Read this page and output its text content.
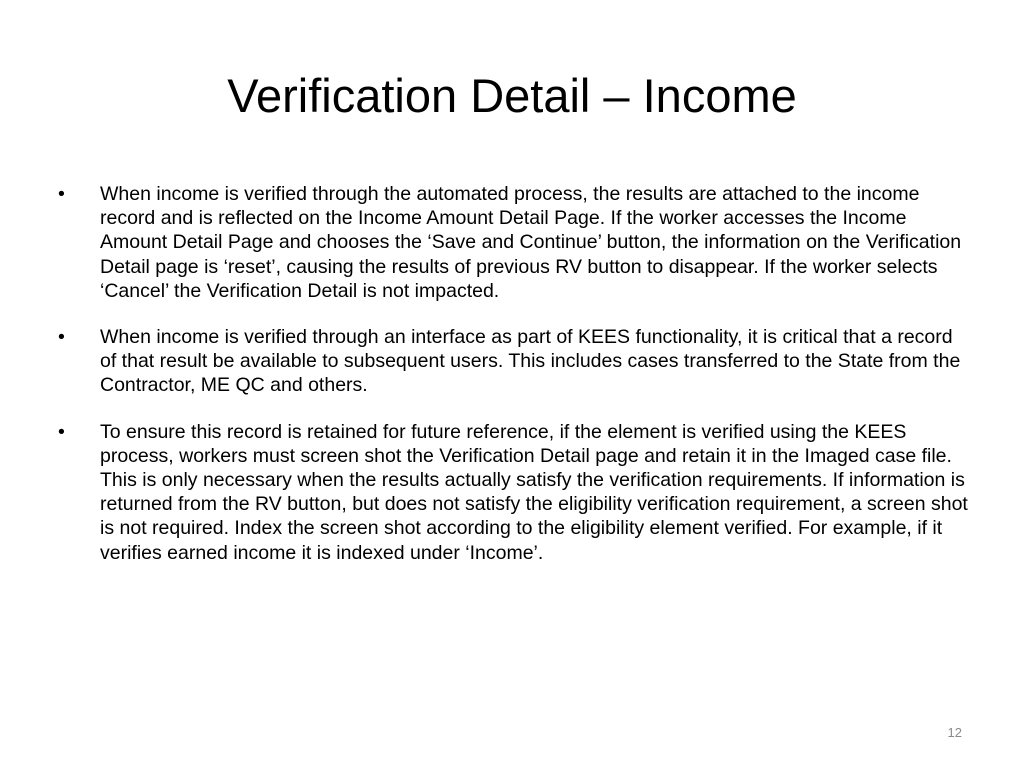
Verification Detail – Income
•	When income is verified through the automated process, the results are attached to the income record and is reflected on the Income Amount Detail Page. If the worker accesses the Income Amount Detail Page and chooses the ‘Save and Continue’ button, the information on the Verification Detail page is ‘reset’, causing the results of previous RV button to disappear. If the worker selects ‘Cancel’ the Verification Detail is not impacted.
•	When income is verified through an interface as part of KEES functionality, it is critical that a record of that result be available to subsequent users. This includes cases transferred to the State from the Contractor, ME QC and others.
•	To ensure this record is retained for future reference, if the element is verified using the KEES process, workers must screen shot the Verification Detail page and retain it in the Imaged case file. This is only necessary when the results actually satisfy the verification requirements. If information is returned from the RV button, but does not satisfy the eligibility verification requirement, a screen shot is not required. Index the screen shot according to the eligibility element verified. For example, if it verifies earned income it is indexed under ‘Income’.
12
